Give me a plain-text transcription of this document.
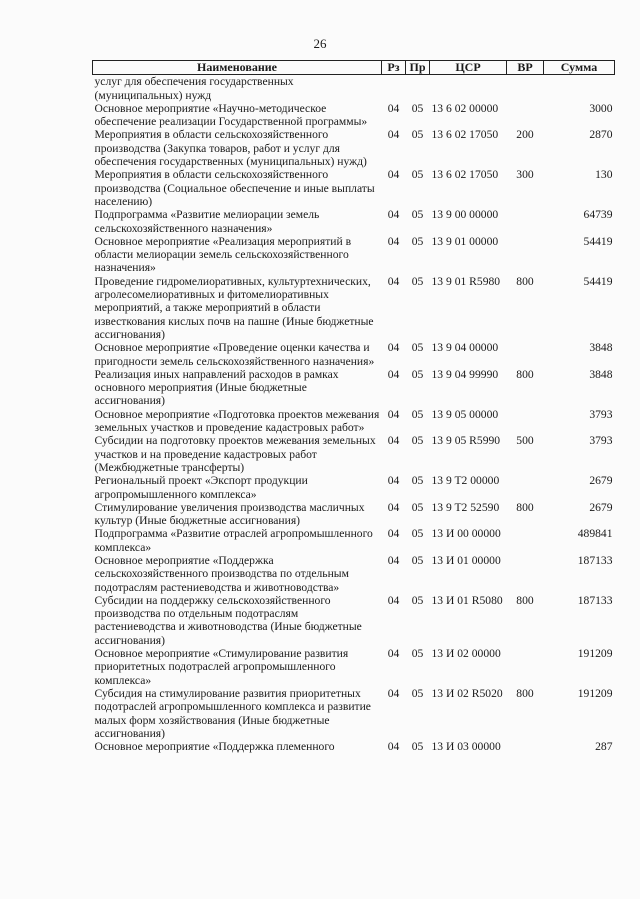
26
Наименование	Рз	Пр	ЦСР	ВР	Сумма
услуг для обеспечения государственных (муниципальных) нужд					
Основное мероприятие «Научно-методическое обеспечение реализации Государственной программы»	04	05	13 6 02 00000		3000
Мероприятия в области сельскохозяйственного производства (Закупка товаров, работ и услуг для обеспечения государственных (муниципальных) нужд)	04	05	13 6 02 17050	200	2870
Мероприятия в области сельскохозяйственного производства (Социальное обеспечение и иные выплаты населению)	04	05	13 6 02 17050	300	130
Подпрограмма «Развитие мелиорации земель сельскохозяйственного назначения»	04	05	13 9 00 00000		64739
Основное мероприятие «Реализация мероприятий в области мелиорации земель сельскохозяйственного назначения»	04	05	13 9 01 00000		54419
Проведение гидромелиоративных, культуртехнических, агролесомелиоративных и фитомелиоративных мероприятий, а также мероприятий в области известкования кислых почв на пашне (Иные бюджетные ассигнования)	04	05	13 9 01 R5980	800	54419
Основное мероприятие «Проведение оценки качества и пригодности земель сельскохозяйственного назначения»	04	05	13 9 04 00000		3848
Реализация иных направлений расходов в рамках основного мероприятия (Иные бюджетные ассигнования)	04	05	13 9 04 99990	800	3848
Основное мероприятие «Подготовка проектов межевания земельных участков и проведение кадастровых работ»	04	05	13 9 05 00000		3793
Субсидии на подготовку проектов межевания земельных участков и на проведение кадастровых работ (Межбюджетные трансферты)	04	05	13 9 05 R5990	500	3793
Региональный проект «Экспорт продукции агропромышленного комплекса»	04	05	13 9 T2 00000		2679
Стимулирование увеличения производства масличных культур (Иные бюджетные ассигнования)	04	05	13 9 T2 52590	800	2679
Подпрограмма «Развитие отраслей агропромышленного комплекса»	04	05	13 И 00 00000		489841
Основное мероприятие «Поддержка сельскохозяйственного производства по отдельным подотраслям растениеводства и животноводства»	04	05	13 И 01 00000		187133
Субсидии на поддержку сельскохозяйственного производства по отдельным подотраслям растениеводства и животноводства (Иные бюджетные ассигнования)	04	05	13 И 01 R5080	800	187133
Основное мероприятие «Стимулирование развития приоритетных подотраслей агропромышленного комплекса»	04	05	13 И 02 00000		191209
Субсидия на стимулирование развития приоритетных подотраслей агропромышленного комплекса и развитие малых форм хозяйствования (Иные бюджетные ассигнования)	04	05	13 И 02 R5020	800	191209
Основное мероприятие «Поддержка племенного	04	05	13 И 03 00000		287
